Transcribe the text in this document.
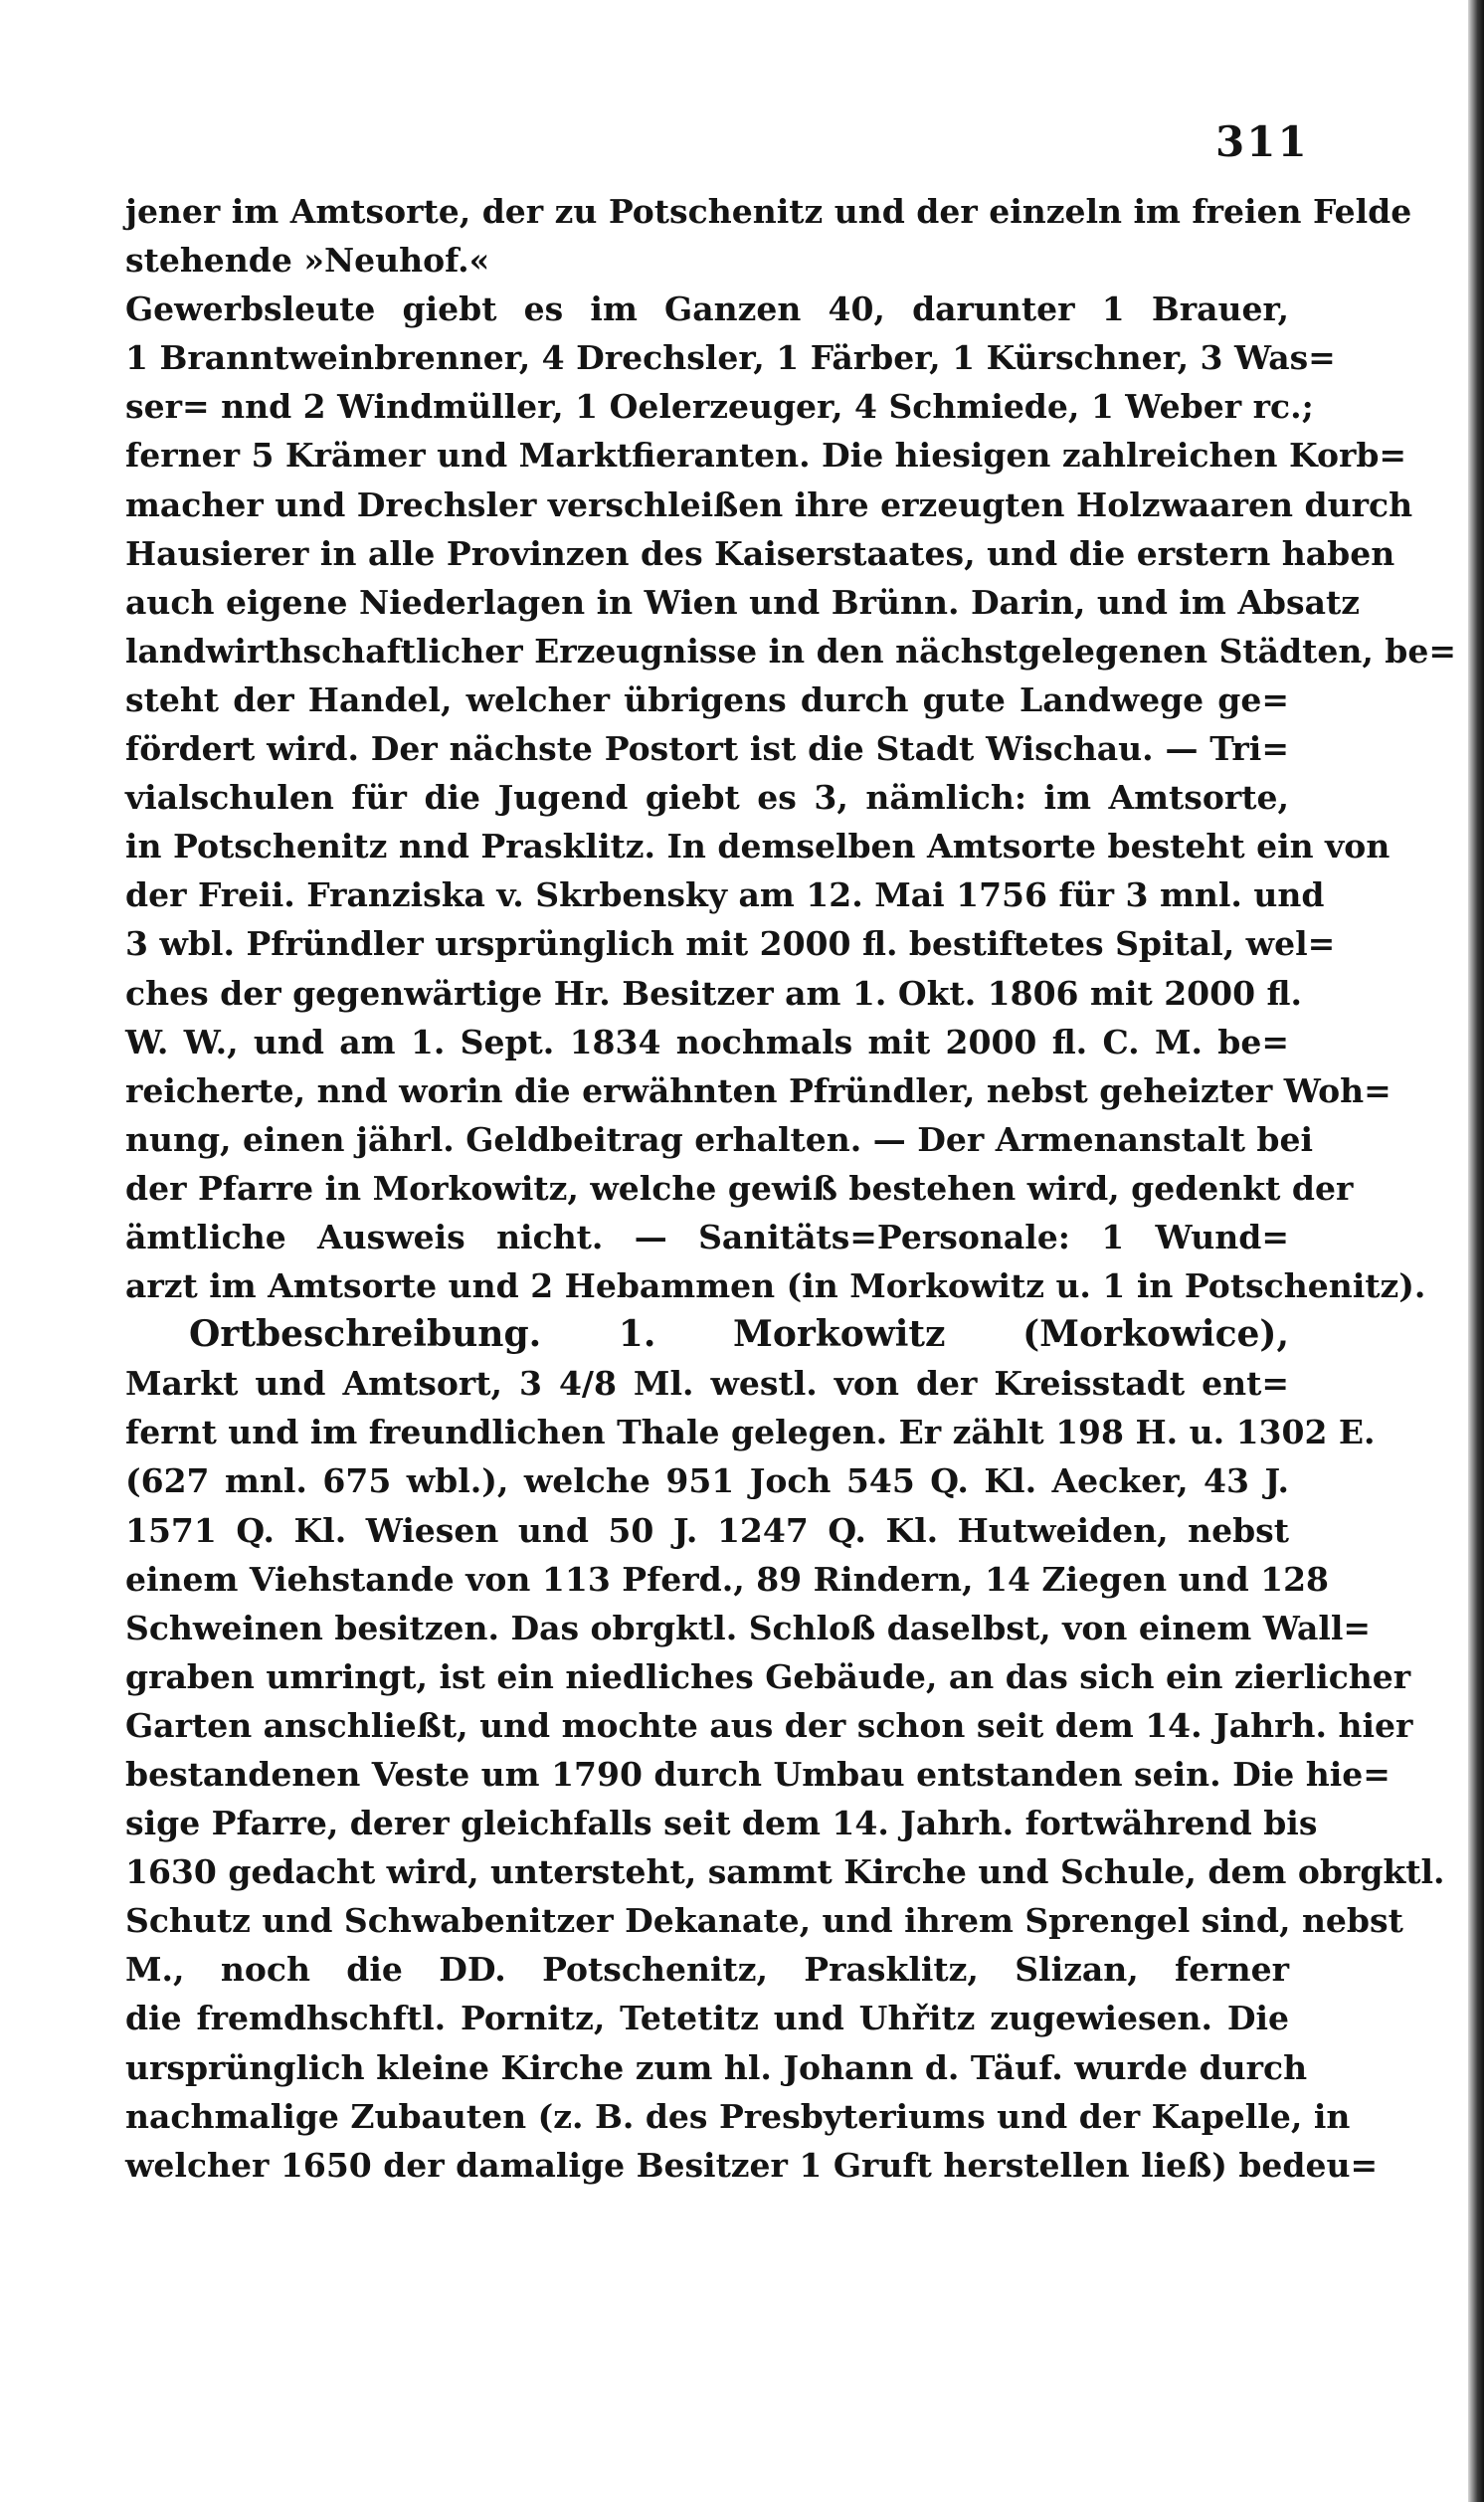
311
jener im Amtsorte, der zu Potschenitz und der einzeln im freien Felde
stehende »Neuhof.«
Gewerbsleute giebt es im Ganzen 40, darunter 1 Brauer,
1 Branntweinbrenner, 4 Drechsler, 1 Färber, 1 Kürschner, 3 Was=
ser= nnd 2 Windmüller, 1 Oelerzeuger, 4 Schmiede, 1 Weber rc.;
ferner 5 Krämer und Marktfieranten. Die hiesigen zahlreichen Korb=
macher und Drechsler verschleißen ihre erzeugten Holzwaaren durch
Hausierer in alle Provinzen des Kaiserstaates, und die erstern haben
auch eigene Niederlagen in Wien und Brünn. Darin, und im Absatz
landwirthschaftlicher Erzeugnisse in den nächstgelegenen Städten, be=
steht der Handel, welcher übrigens durch gute Landwege ge=
fördert wird. Der nächste Postort ist die Stadt Wischau. — Tri=
vialschulen für die Jugend giebt es 3, nämlich: im Amtsorte,
in Potschenitz nnd Prasklitz. In demselben Amtsorte besteht ein von
der Freii. Franziska v. Skrbensky am 12. Mai 1756 für 3 mnl. und
3 wbl. Pfründler ursprünglich mit 2000 fl. bestiftetes Spital, wel=
ches der gegenwärtige Hr. Besitzer am 1. Okt. 1806 mit 2000 fl.
W. W., und am 1. Sept. 1834 nochmals mit 2000 fl. C. M. be=
reicherte, nnd worin die erwähnten Pfründler, nebst geheizter Woh=
nung, einen jährl. Geldbeitrag erhalten. — Der Armenanstalt bei
der Pfarre in Morkowitz, welche gewiß bestehen wird, gedenkt der
ämtliche Ausweis nicht. — Sanitäts=Personale: 1 Wund=
arzt im Amtsorte und 2 Hebammen (in Morkowitz u. 1 in Potschenitz).
Ortbeschreibung. 1. Morkowitz (Morkowice),
Markt und Amtsort, 3 4/8 Ml. westl. von der Kreisstadt ent=
fernt und im freundlichen Thale gelegen. Er zählt 198 H. u. 1302 E.
(627 mnl. 675 wbl.), welche 951 Joch 545 Q. Kl. Aecker, 43 J.
1571 Q. Kl. Wiesen und 50 J. 1247 Q. Kl. Hutweiden, nebst
einem Viehstande von 113 Pferd., 89 Rindern, 14 Ziegen und 128
Schweinen besitzen. Das obrgktl. Schloß daselbst, von einem Wall=
graben umringt, ist ein niedliches Gebäude, an das sich ein zierlicher
Garten anschließt, und mochte aus der schon seit dem 14. Jahrh. hier
bestandenen Veste um 1790 durch Umbau entstanden sein. Die hie=
sige Pfarre, derer gleichfalls seit dem 14. Jahrh. fortwährend bis
1630 gedacht wird, untersteht, sammt Kirche und Schule, dem obrgktl.
Schutz und Schwabenitzer Dekanate, und ihrem Sprengel sind, nebst
M., noch die DD. Potschenitz, Prasklitz, Slizan, ferner
die fremdhschftl. Pornitz, Tetetitz und Uhřitz zugewiesen. Die
ursprünglich kleine Kirche zum hl. Johann d. Täuf. wurde durch
nachmalige Zubauten (z. B. des Presbyteriums und der Kapelle, in
welcher 1650 der damalige Besitzer 1 Gruft herstellen ließ) bedeu=
